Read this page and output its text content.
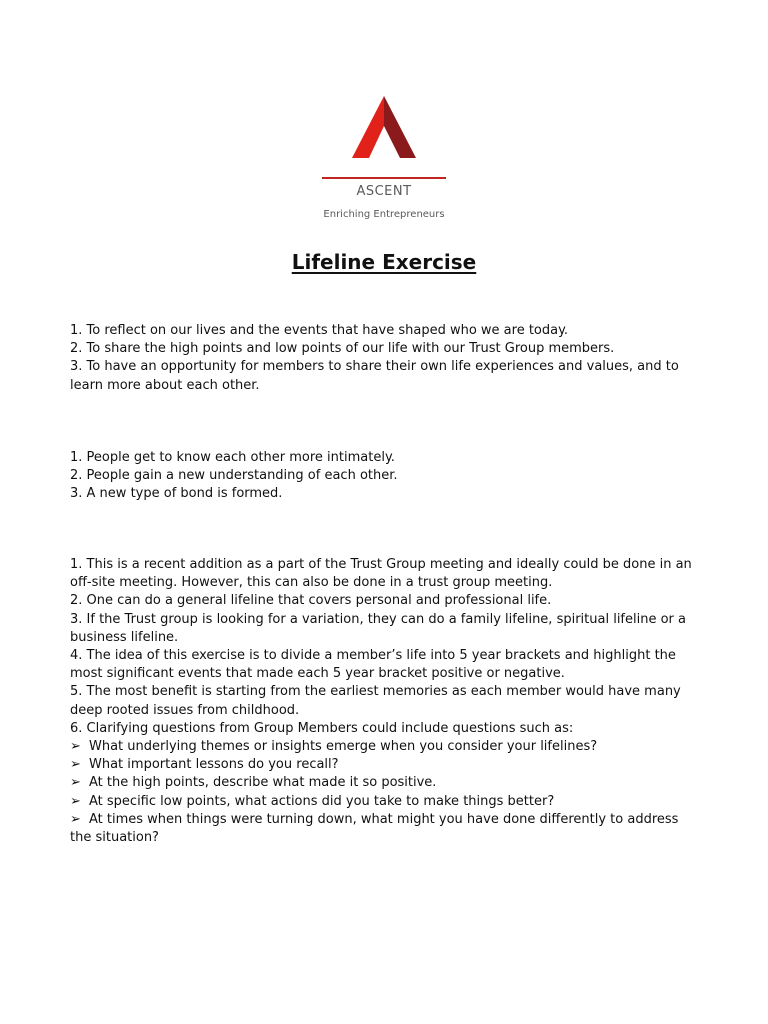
ASCENT
Enriching Entrepreneurs
Lifeline Exercise
1. To reflect on our lives and the events that have shaped who we are today.
2. To share the high points and low points of our life with our Trust Group members.
3. To have an opportunity for members to share their own life experiences and values, and to learn more about each other.
1. People get to know each other more intimately.
2. People gain a new understanding of each other.
3. A new type of bond is formed.
1. This is a recent addition as a part of the Trust Group meeting and ideally could be done in an off-site meeting. However, this can also be done in a trust group meeting.
2. One can do a general lifeline that covers personal and professional life.
3. If the Trust group is looking for a variation, they can do a family lifeline, spiritual lifeline or a business lifeline.
4. The idea of this exercise is to divide a member’s life into 5 year brackets and highlight the most significant events that made each 5 year bracket positive or negative.
5. The most benefit is starting from the earliest memories as each member would have many deep rooted issues from childhood.
6. Clarifying questions from Group Members could include questions such as:
➢ What underlying themes or insights emerge when you consider your lifelines?
➢ What important lessons do you recall?
➢ At the high points, describe what made it so positive.
➢ At specific low points, what actions did you take to make things better?
➢ At times when things were turning down, what might you have done differently to address the situation?
